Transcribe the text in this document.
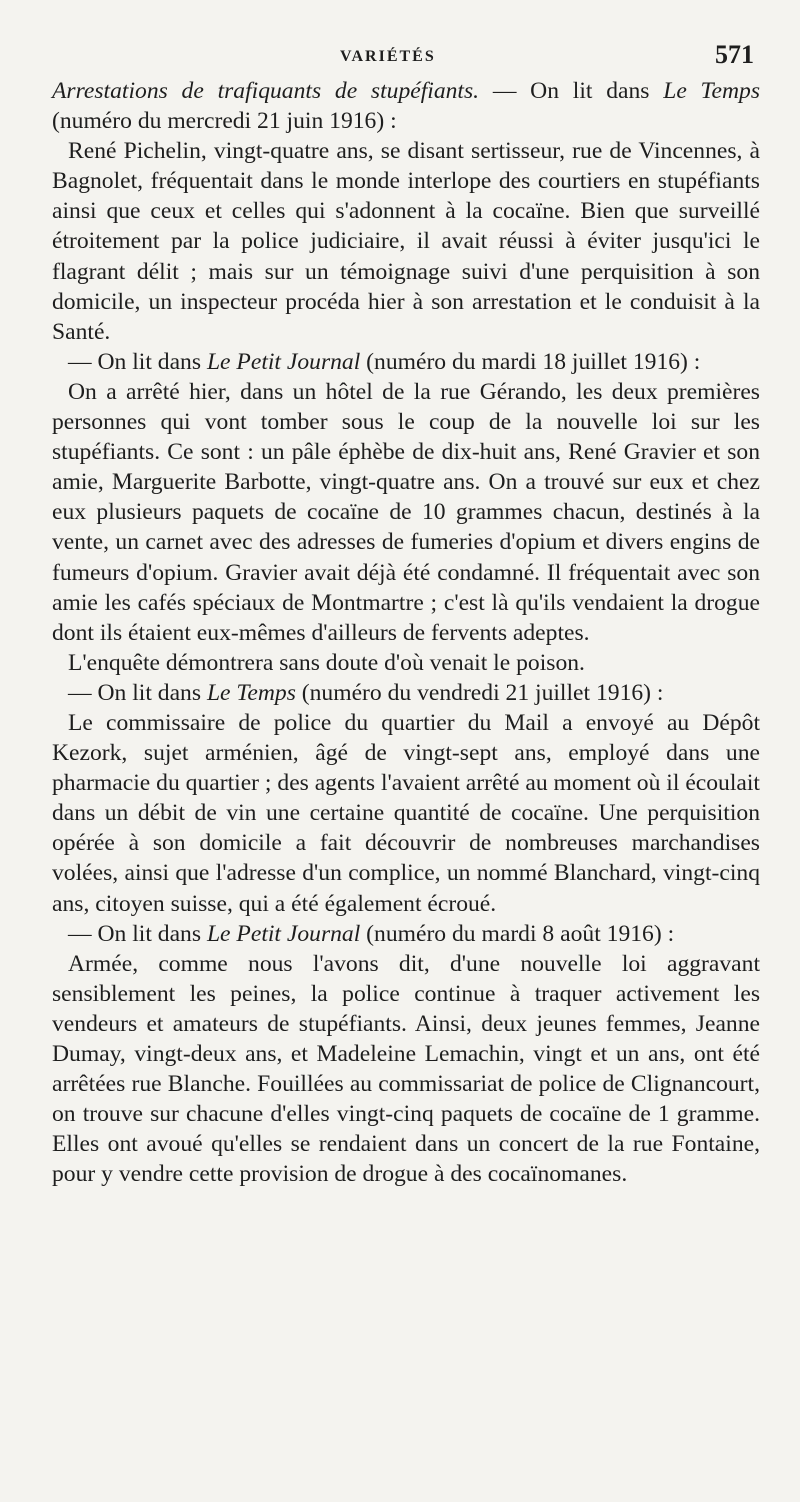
VARIÉTÉS	571

Arrestations de trafiquants de stupéfiants. — On lit dans Le Temps (numéro du mercredi 21 juin 1916) :

René Pichelin, vingt-quatre ans, se disant sertisseur, rue de Vincennes, à Bagnolet, fréquentait dans le monde interlope des courtiers en stupéfiants ainsi que ceux et celles qui s'adonnent à la cocaïne. Bien que surveillé étroitement par la police judiciaire, il avait réussi à éviter jusqu'ici le flagrant délit ; mais sur un témoignage suivi d'une perquisition à son domicile, un inspecteur procéda hier à son arrestation et le conduisit à la Santé.

— On lit dans Le Petit Journal (numéro du mardi 18 juillet 1916) :

On a arrêté hier, dans un hôtel de la rue Gérando, les deux premières personnes qui vont tomber sous le coup de la nouvelle loi sur les stupéfiants. Ce sont : un pâle éphèbe de dix-huit ans, René Gravier et son amie, Marguerite Barbotte, vingt-quatre ans. On a trouvé sur eux et chez eux plusieurs paquets de cocaïne de 10 grammes chacun, destinés à la vente, un carnet avec des adresses de fumeries d'opium et divers engins de fumeurs d'opium. Gravier avait déjà été condamné. Il fréquentait avec son amie les cafés spéciaux de Montmartre ; c'est là qu'ils vendaient la drogue dont ils étaient eux-mêmes d'ailleurs de fervents adeptes.

L'enquête démontrera sans doute d'où venait le poison.

— On lit dans Le Temps (numéro du vendredi 21 juillet 1916) :

Le commissaire de police du quartier du Mail a envoyé au Dépôt Kezork, sujet arménien, âgé de vingt-sept ans, employé dans une pharmacie du quartier ; des agents l'avaient arrêté au moment où il écoulait dans un débit de vin une certaine quantité de cocaïne. Une perquisition opérée à son domicile a fait découvrir de nombreuses marchandises volées, ainsi que l'adresse d'un complice, un nommé Blanchard, vingt-cinq ans, citoyen suisse, qui a été également écroué.

— On lit dans Le Petit Journal (numéro du mardi 8 août 1916) :

Armée, comme nous l'avons dit, d'une nouvelle loi aggravant sensiblement les peines, la police continue à traquer activement les vendeurs et amateurs de stupéfiants. Ainsi, deux jeunes femmes, Jeanne Dumay, vingt-deux ans, et Madeleine Lemachin, vingt et un ans, ont été arrêtées rue Blanche. Fouillées au commissariat de police de Clignancourt, on trouve sur chacune d'elles vingt-cinq paquets de cocaïne de 1 gramme. Elles ont avoué qu'elles se rendaient dans un concert de la rue Fontaine, pour y vendre cette provision de drogue à des cocaïnomanes.
